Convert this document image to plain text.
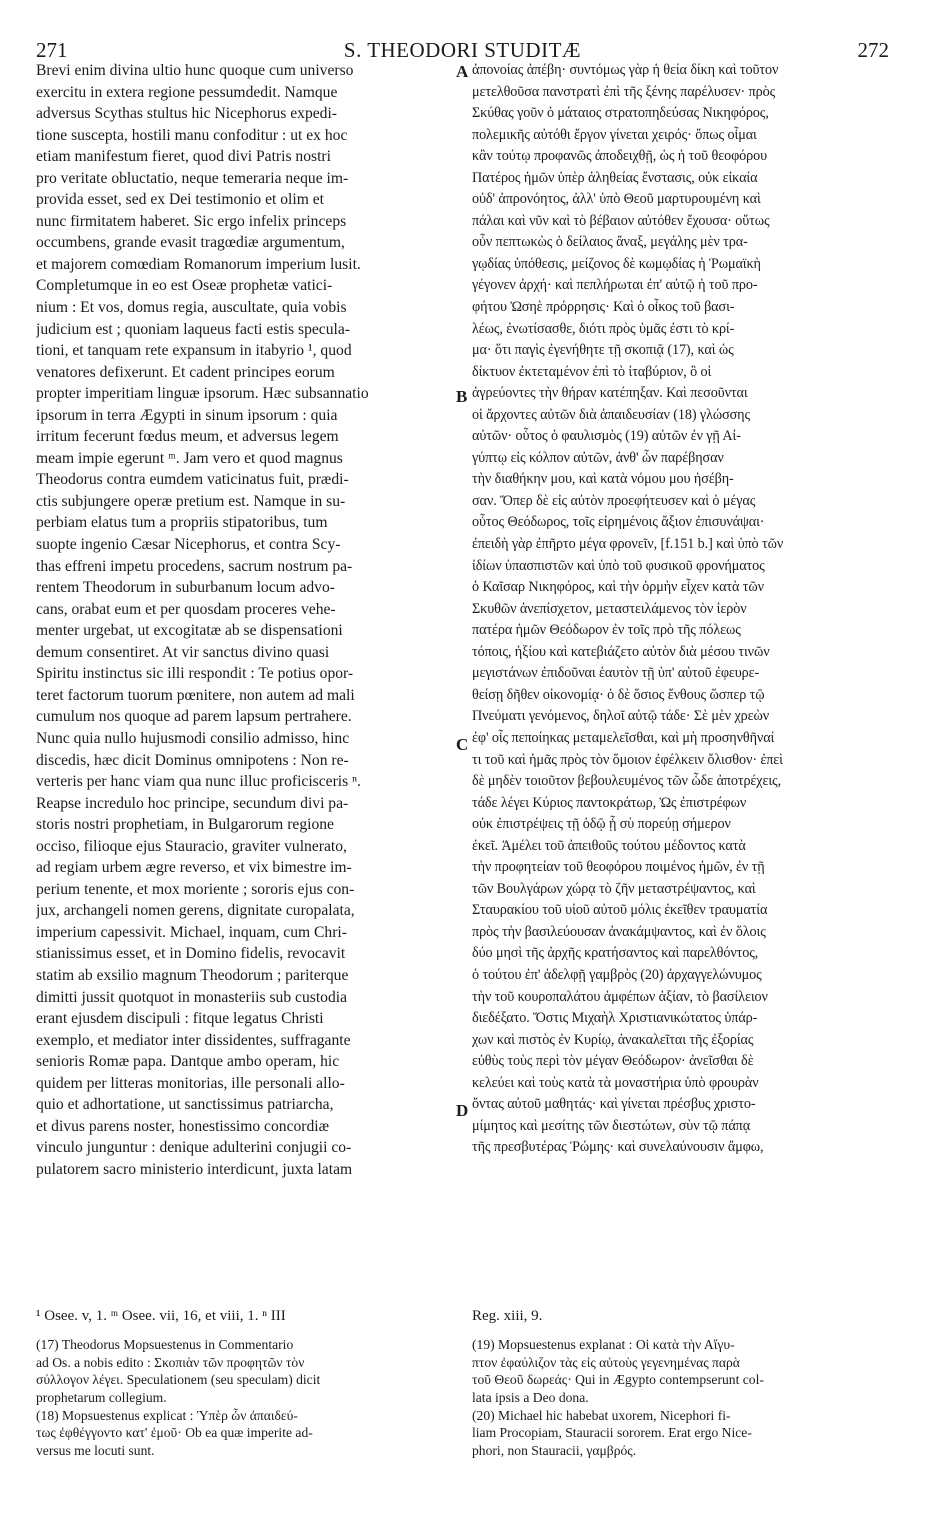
271	S. THEODORI STUDITÆ	272
Brevi enim divina ultio hunc quoque cum universo
exercitu in extera regione pessumdedit. Namque
adversus Scythas stultus hic Nicephorus expedi-
tione suscepta, hostili manu confoditur : ut ex hoc
etiam manifestum fieret, quod divi Patris nostri
pro veritate obluctatio, neque temeraria neque im-
provida esset, sed ex Dei testimonio et olim et
nunc firmitatem haberet. Sic ergo infelix princeps
occumbens, grande evasit tragœdiæ argumentum,
et majorem comœdiam Romanorum imperium lusit.
Completumque in eo est Oseæ prophetæ vatici-
nium : Et vos, domus regia, auscultate, quia vobis
judicium est ; quoniam laqueus facti estis specula-
tioni, et tanquam rete expansum in itabyrio ¹, quod
venatores defixerunt. Et cadent principes eorum
propter imperitiam linguæ ipsorum. Hæc subsannatio
ipsorum in terra Ægypti in sinum ipsorum : quia
irritum fecerunt fœdus meum, et adversus legem
meam impie egerunt ᵐ. Jam vero et quod magnus
Theodorus contra eumdem vaticinatus fuit, prædi-
ctis subjungere operæ pretium est. Namque in su-
perbiam elatus tum a propriis stipatoribus, tum
suopte ingenio Cæsar Nicephorus, et contra Scy-
thas effreni impetu procedens, sacrum nostrum pa-
rentem Theodorum in suburbanum locum advo-
cans, orabat eum et per quosdam proceres vehe-
menter urgebat, ut excogitatæ ab se dispensationi
demum consentiret. At vir sanctus divino quasi
Spiritu instinctus sic illi respondit : Te potius opor-
teret factorum tuorum pœnitere, non autem ad mali
cumulum nos quoque ad parem lapsum pertrahere.
Nunc quia nullo hujusmodi consilio admisso, hinc
discedis, hæc dicit Dominus omnipotens : Non re-
verteris per hanc viam qua nunc illuc proficisceris ⁿ.
Reapse incredulo hoc principe, secundum divi pa-
storis nostri prophetiam, in Bulgarorum regione
occiso, filioque ejus Stauracio, graviter vulnerato,
ad regiam urbem ægre reverso, et vix bimestre im-
perium tenente, et mox moriente ; sororis ejus con-
jux, archangeli nomen gerens, dignitate curopalata,
imperium capessivit. Michael, inquam, cum Chri-
stianissimus esset, et in Domino fidelis, revocavit
statim ab exsilio magnum Theodorum ; pariterque
dimitti jussit quotquot in monasteriis sub custodia
erant ejusdem discipuli : fitque legatus Christi
exemplo, et mediator inter dissidentes, suffragante
senioris Romæ papa. Dantque ambo operam, hic
quidem per litteras monitorias, ille personali allo-
quio et adhortatione, ut sanctissimus patriarcha,
et divus parens noster, honestissimo concordiæ
vinculo junguntur : denique adulterini conjugii co-
pulatorem sacro ministerio interdicunt, juxta latam
ἀπονοίας ἀπέβη· συντόμως γὰρ ἡ θεία δίκη καὶ τοῦτον
μετελθοῦσα πανστρατὶ ἐπὶ τῆς ξένης παρέλυσεν· πρὸς
Σκύθας γοῦν ὁ μάταιος στρατοπηδεύσας Νικηφόρος,
πολεμικῆς αὐτόθι ἔργον γίνεται χειρός· ὅπως οἶμαι
κἂν τούτῳ προφανῶς ἀποδειχθῇ, ὡς ἡ τοῦ θεοφόρου
Πατέρος ἡμῶν ὑπὲρ ἀληθείας ἔνστασις, οὐκ εἰκαία
οὐδ' ἀπρονόητος, ἀλλ' ὑπὸ Θεοῦ μαρτυρουμένη καὶ
πάλαι καὶ νῦν καὶ τὸ βέβαιον αὐτόθεν ἔχουσα· οὕτως
οὖν πεπτωκὼς ὁ δείλαιος ἄναξ, μεγάλης μὲν τρα-
γῳδίας ὑπόθεσις, μείζονος δὲ κωμῳδίας ἡ Ῥωμαϊκὴ
γέγονεν ἀρχή· καὶ πεπλήρωται ἐπ' αὐτῷ ἡ τοῦ προ-
φήτου Ὠσηὲ πρόρρησις· Καὶ ὁ οἶκος τοῦ βασι-
λέως, ἐνωτίσασθε, διότι πρὸς ὑμᾶς ἐστι τὸ κρί-
μα· ὅτι παγὶς ἐγενήθητε τῇ σκοπιᾷ (17), καὶ ὡς
δίκτυον ἐκτεταμένον ἐπὶ τὸ ἰταβύριον, ὃ οἱ
ἀγρεύοντες τὴν θήραν κατέπηξαν. Καὶ πεσοῦνται
οἱ ἄρχοντες αὐτῶν διὰ ἀπαιδευσίαν (18) γλώσσης
αὐτῶν· οὗτος ὁ φαυλισμὸς (19) αὐτῶν ἐν γῇ Αἰ-
γύπτῳ εἰς κόλπον αὐτῶν, ἀνθ' ὧν παρέβησαν
τὴν διαθήκην μου, καὶ κατὰ νόμου μου ἠσέβη-
σαν. Ὅπερ δὲ εἰς αὐτὸν προεφήτευσεν καὶ ὁ μέγας
οὗτος Θεόδωρος, τοῖς εἰρημένοις ἄξιον ἐπισυνάψαι·
ἐπειδὴ γὰρ ἐπῆρτο μέγα φρονεῖν, [f.151 b.] καὶ ὑπὸ τῶν
ἰδίων ὑπασπιστῶν καὶ ὑπὸ τοῦ φυσικοῦ φρονήματος
ὁ Καῖσαρ Νικηφόρος, καὶ τὴν ὁρμὴν εἶχεν κατὰ τῶν
Σκυθῶν ἀνεπίσχετον, μεταστειλάμενος τὸν ἱερὸν
πατέρα ἡμῶν Θεόδωρον ἐν τοῖς πρὸ τῆς πόλεως
τόποις, ἠξίου καὶ κατεβιάζετο αὐτὸν διὰ μέσου τινῶν
μεγιστάνων ἐπιδοῦναι ἑαυτὸν τῇ ὑπ' αὐτοῦ ἐφευρε-
θείσῃ δῆθεν οἰκονομίᾳ· ὁ δὲ ὅσιος ἔνθους ὥσπερ τῷ
Πνεύματι γενόμενος, δηλοῖ αὐτῷ τάδε· Σὲ μὲν χρεὼν
ἐφ' οἷς πεποίηκας μεταμελεῖσθαι, καὶ μὴ προσηνθῆναί
τι τοῦ καὶ ἡμᾶς πρὸς τὸν ὅμοιον ἐφέλκειν ὄλισθον· ἐπεὶ
δὲ μηδὲν τοιοῦτον βεβουλευμένος τῶν ὧδε ἀποτρέχεις,
τάδε λέγει Κύριος παντοκράτωρ, Ὡς ἐπιστρέφων
οὐκ ἐπιστρέψεις τῇ ὁδῷ ᾗ σὺ πορεύῃ σήμερον
ἐκεῖ. Ἀμέλει τοῦ ἀπειθοῦς τούτου μέδοντος κατὰ
τὴν προφητείαν τοῦ θεοφόρου ποιμένος ἡμῶν, ἐν τῇ
τῶν Βουλγάρων χώρᾳ τὸ ζῆν μεταστρέψαντος, καὶ
Σταυρακίου τοῦ υἱοῦ αὐτοῦ μόλις ἐκεῖθεν τραυματία
πρὸς τὴν βασιλεύουσαν ἀνακάμψαντος, καὶ ἐν ὅλοις
δύο μησὶ τῆς ἀρχῆς κρατήσαντος καὶ παρελθόντος,
ὁ τούτου ἐπ' ἀδελφῇ γαμβρὸς (20) ἀρχαγγελώνυμος
τὴν τοῦ κουροπαλάτου ἀμφέπων ἀξίαν, τὸ βασίλειον
διεδέξατο. Ὅστις Μιχαὴλ Χριστιανικώτατος ὑπάρ-
χων καὶ πιστὸς ἐν Κυρίῳ, ἀνακαλεῖται τῆς ἐξορίας
εὐθὺς τοὺς περὶ τὸν μέγαν Θεόδωρον· ἀνεῖσθαι δὲ
κελεύει καὶ τοὺς κατὰ τὰ μοναστήρια ὑπὸ φρουρὰν
ὄντας αὐτοῦ μαθητάς· καὶ γίνεται πρέσβυς χριστο-
μίμητος καὶ μεσίτης τῶν διεστώτων, σὺν τῷ πάπᾳ
τῆς πρεσβυτέρας Ῥώμης· καὶ συνελαύνουσιν ἄμφω,
A
B
C
D
¹ Osee. v, 1. ᵐ Osee. vii, 16, et viii, 1. ⁿ III	Reg. xiii, 9.
(17) Theodorus Mopsuestenus in Commentario
ad Os. a nobis edito : Σκοπιὰν τῶν προφητῶν τὸν
σύλλογον λέγει. Speculationem (seu speculam) dicit
prophetarum collegium.
(18) Mopsuestenus explicat : Ὑπὲρ ὧν ἀπαιδεύ-
τως ἐφθέγγοντο κατ' ἐμοῦ· Ob ea quæ imperite ad-
versus me locuti sunt.
(19) Mopsuestenus explanat : Οἱ κατὰ τὴν Αἴγυ-
πτον ἐφαύλιζον τὰς εἰς αὐτοὺς γεγενημένας παρὰ
τοῦ Θεοῦ δωρεάς· Qui in Ægypto contempserunt col-
lata ipsis a Deo dona.
(20) Michael hic habebat uxorem, Nicephori fi-
liam Procopiam, Stauracii sororem. Erat ergo Nice-
phori, non Stauracii, γαμβρός.
